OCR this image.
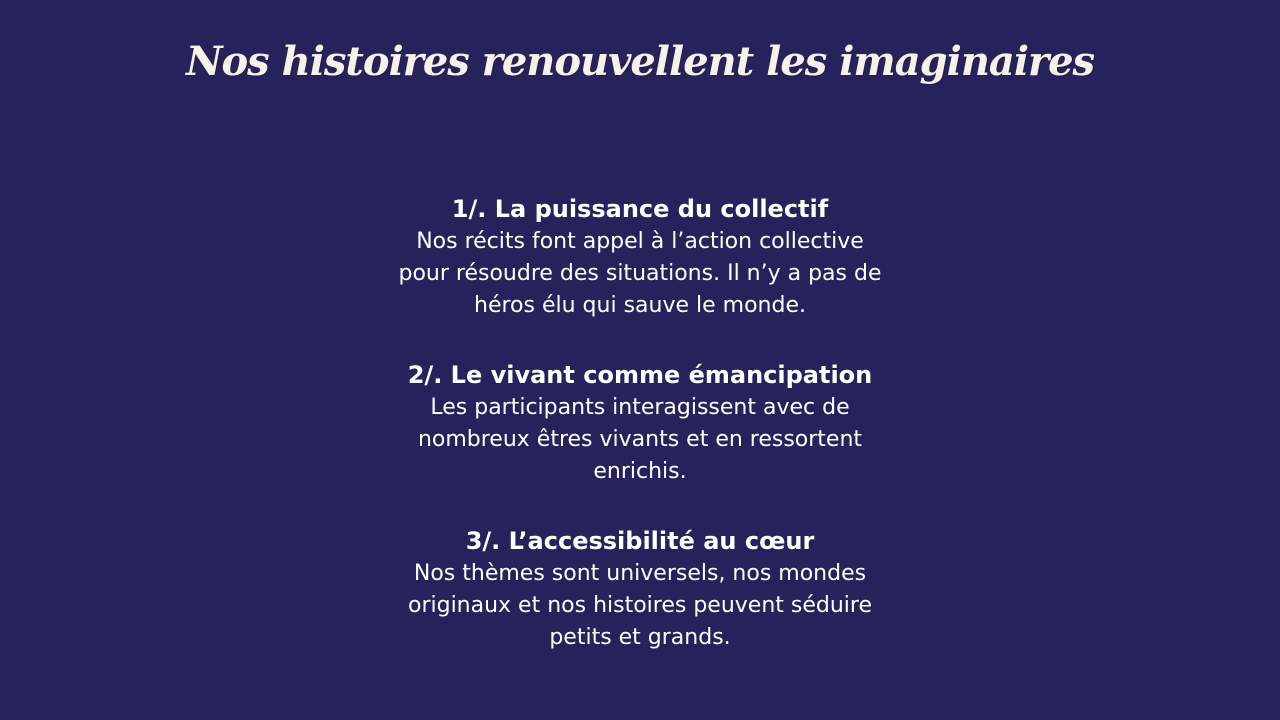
Nos histoires renouvellent les imaginaires
1/. La puissance du collectif
Nos récits font appel à l’action collective pour résoudre des situations. Il n’y a pas de héros élu qui sauve le monde.
2/. Le vivant comme émancipation
Les participants interagissent avec de nombreux êtres vivants et en ressortent enrichis.
3/. L’accessibilité au cœur
Nos thèmes sont universels, nos mondes originaux et nos histoires peuvent séduire petits et grands.
